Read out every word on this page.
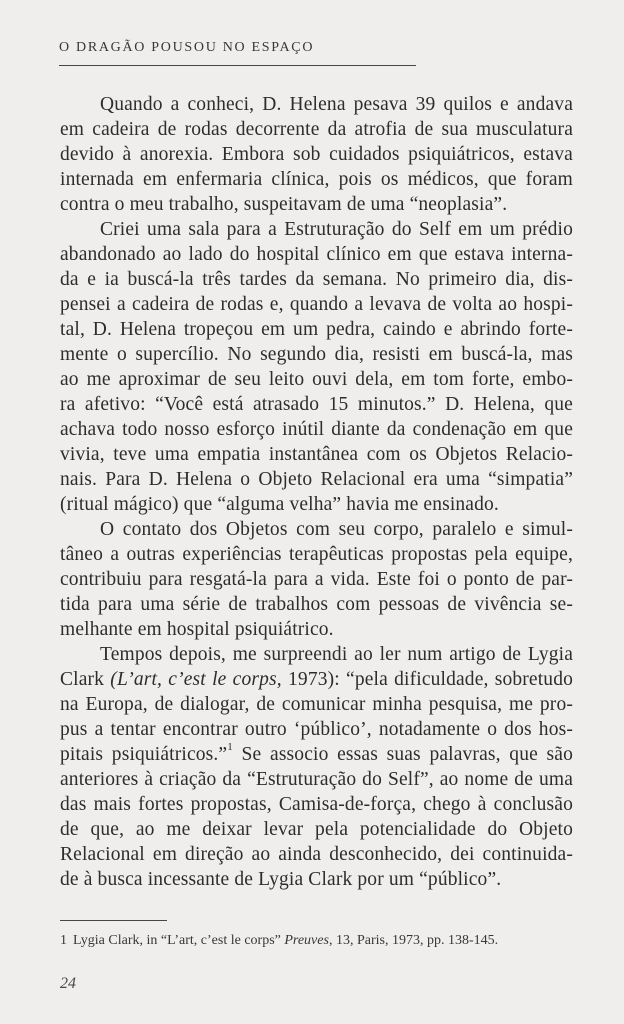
O DRAGÃO POUSOU NO ESPAÇO
Quando a conheci, D. Helena pesava 39 quilos e andava
em cadeira de rodas decorrente da atrofia de sua musculatura
devido à anorexia. Embora sob cuidados psiquiátricos, estava
internada em enfermaria clínica, pois os médicos, que foram
contra o meu trabalho, suspeitavam de uma “neoplasia”.
Criei uma sala para a Estruturação do Self em um prédio
abandonado ao lado do hospital clínico em que estava interna-
da e ia buscá-la três tardes da semana. No primeiro dia, dis-
pensei a cadeira de rodas e, quando a levava de volta ao hospi-
tal, D. Helena tropeçou em um pedra, caindo e abrindo forte-
mente o supercílio. No segundo dia, resisti em buscá-la, mas
ao me aproximar de seu leito ouvi dela, em tom forte, embo-
ra afetivo: “Você está atrasado 15 minutos.” D. Helena, que
achava todo nosso esforço inútil diante da condenação em que
vivia, teve uma empatia instantânea com os Objetos Relacio-
nais. Para D. Helena o Objeto Relacional era uma “simpatia”
(ritual mágico) que “alguma velha” havia me ensinado.
O contato dos Objetos com seu corpo, paralelo e simul-
tâneo a outras experiências terapêuticas propostas pela equipe,
contribuiu para resgatá-la para a vida. Este foi o ponto de par-
tida para uma série de trabalhos com pessoas de vivência se-
melhante em hospital psiquiátrico.
Tempos depois, me surpreendi ao ler num artigo de Lygia
Clark (L’art, c’est le corps, 1973): “pela dificuldade, sobretudo
na Europa, de dialogar, de comunicar minha pesquisa, me pro-
pus a tentar encontrar outro ‘público’, notadamente o dos hos-
pitais psiquiátricos.”$^1$ Se associo essas suas palavras, que são
anteriores à criação da “Estruturação do Self”, ao nome de uma
das mais fortes propostas, Camisa-de-força, chego à conclusão
de que, ao me deixar levar pela potencialidade do Objeto
Relacional em direção ao ainda desconhecido, dei continuida-
de à busca incessante de Lygia Clark por um “público”.
1 Lygia Clark, in “L’art, c’est le corps” Preuves, 13, Paris, 1973, pp. 138-145.
24
